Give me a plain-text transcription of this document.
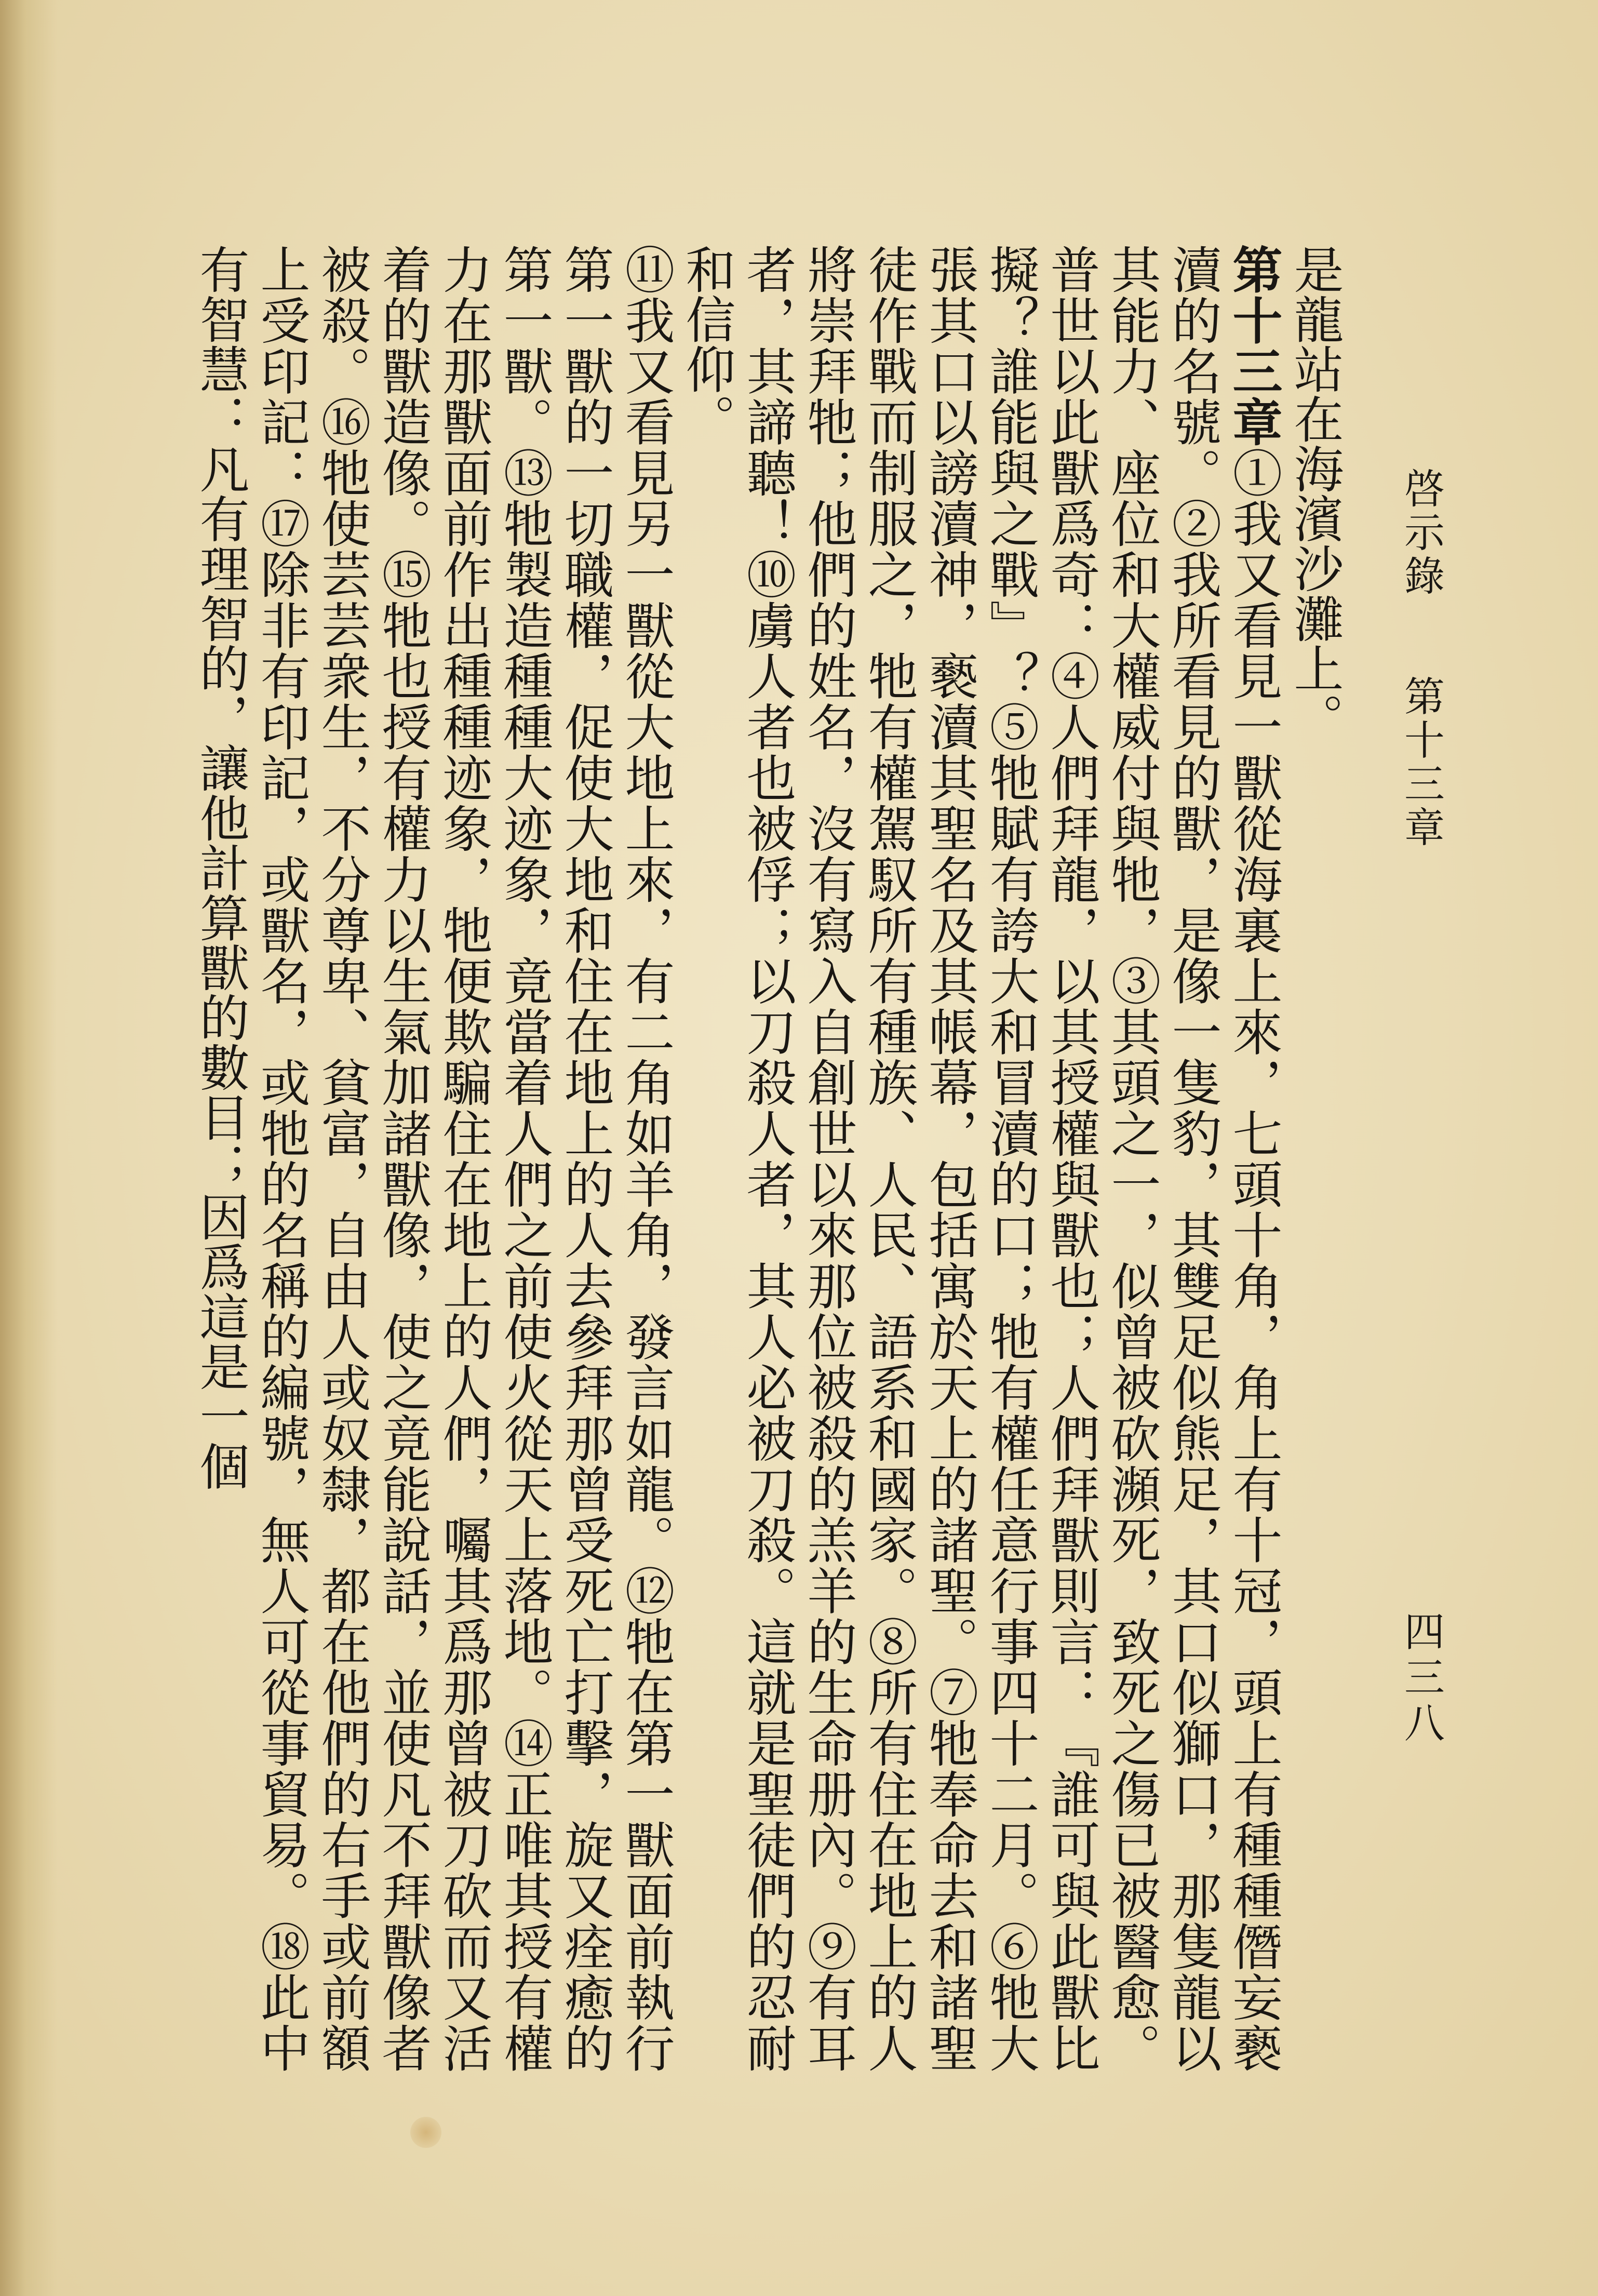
啓示錄
第十三章
四三八

是龍站在海濱沙灘上。

第十三章①我又看見一獸從海裏上來，七頭十角，角上有十冠，頭上有種種僭妄褻瀆的名號。②我所看見的獸，是像一隻豹，其雙足似熊足，其口似獅口，那隻龍以其能力、座位和大權威付與牠，③其頭之一，似曾被砍瀕死，致死之傷已被醫愈。普世以此獸爲奇：④人們拜龍，以其授權與獸也；人們拜獸則言：『誰可與此獸比擬？誰能與之戰』？⑤牠賦有誇大和冒瀆的口；牠有權任意行事四十二月。⑥牠大張其口以謗瀆神，褻瀆其聖名及其帳幕，包括寓於天上的諸聖。⑦牠奉命去和諸聖徒作戰而制服之，牠有權駕馭所有種族、人民、語系和國家。⑧所有住在地上的人將崇拜牠；他們的姓名，沒有寫入自創世以來那位被殺的羔羊的生命册內。⑨有耳者，其諦聽！⑩虜人者也被俘；以刀殺人者，其人必被刀殺。這就是聖徒們的忍耐和信仰。

⑪我又看見另一獸從大地上來，有二角如羊角，發言如龍。⑫牠在第一獸面前執行第一獸的一切職權，促使大地和住在地上的人去參拜那曾受死亡打擊，旋又痊癒的第一獸。⑬牠製造種種大迹象，竟當着人們之前使火從天上落地。⑭正唯其授有權力在那獸面前作出種種迹象，牠便欺騙住在地上的人們，囑其爲那曾被刀砍而又活着的獸造像。⑮牠也授有權力以生氣加諸獸像，使之竟能說話，並使凡不拜獸像者被殺。⑯牠使芸芸衆生，不分尊卑、貧富，自由人或奴隸，都在他們的右手或前額上受印記：⑰除非有印記，或獸名，或牠的名稱的編號，無人可從事貿易。⑱此中有智慧：凡有理智的，讓他計算獸的數目；因爲這是一個
